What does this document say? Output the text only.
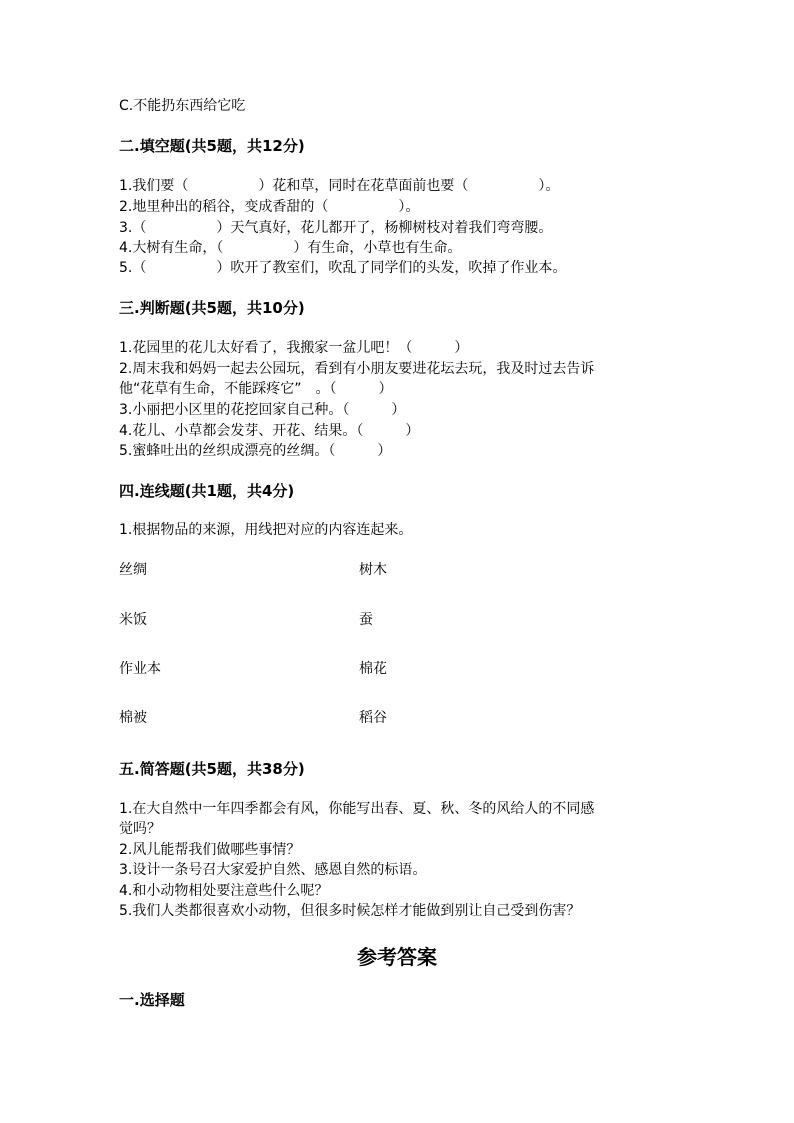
C.不能扔东西给它吃
二.填空题(共5题，共12分)
1.我们要（　　　　　）花和草，同时在花草面前也要（　　　　　）。
2.地里种出的稻谷，变成香甜的（　　　　　）。
3.（　　　　　）天气真好，花儿都开了，杨柳树枝对着我们弯弯腰。
4.大树有生命，（　　　　　）有生命，小草也有生命。
5.（　　　　　）吹开了教室们，吹乱了同学们的头发，吹掉了作业本。
三.判断题(共5题，共10分)
1.花园里的花儿太好看了，我搬家一盆儿吧！（　　　）
2.周末我和妈妈一起去公园玩，看到有小朋友要进花坛去玩，我及时过去告诉
他“花草有生命，不能踩疼它”　。（　　　）
3.小丽把小区里的花挖回家自己种。（　　　）
4.花儿、小草都会发芽、开花、结果。（　　　）
5.蜜蜂吐出的丝织成漂亮的丝绸。（　　　）
四.连线题(共1题，共4分)
1.根据物品的来源，用线把对应的内容连起来。
丝绸	树木
米饭	蚕
作业本	棉花
棉被	稻谷
五.简答题(共5题，共38分)
1.在大自然中一年四季都会有风，你能写出春、夏、秋、冬的风给人的不同感
觉吗？
2.风儿能帮我们做哪些事情？
3.设计一条号召大家爱护自然、感恩自然的标语。
4.和小动物相处要注意些什么呢？
5.我们人类都很喜欢小动物，但很多时候怎样才能做到别让自己受到伤害？
参考答案
一.选择题
